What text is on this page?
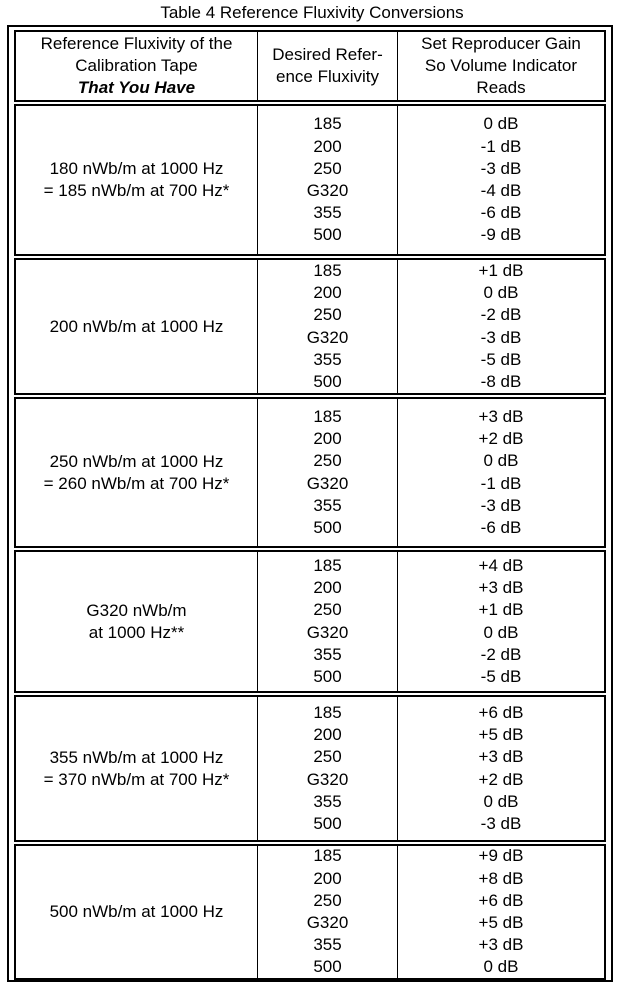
Table 4 Reference Fluxivity Conversions
Reference Fluxivity of the
Calibration Tape
That You Have
Desired Refer-
ence Fluxivity
Set Reproducer Gain
So Volume Indicator
Reads
180 nWb/m at 1000 Hz
= 185 nWb/m at 700 Hz*
185
200
250
G320
355
500
0 dB
-1 dB
-3 dB
-4 dB
-6 dB
-9 dB
200 nWb/m at 1000 Hz
185
200
250
G320
355
500
+1 dB
0 dB
-2 dB
-3 dB
-5 dB
-8 dB
250 nWb/m at 1000 Hz
= 260 nWb/m at 700 Hz*
185
200
250
G320
355
500
+3 dB
+2 dB
0 dB
-1 dB
-3 dB
-6 dB
G320 nWb/m
at 1000 Hz**
185
200
250
G320
355
500
+4 dB
+3 dB
+1 dB
0 dB
-2 dB
-5 dB
355 nWb/m at 1000 Hz
= 370 nWb/m at 700 Hz*
185
200
250
G320
355
500
+6 dB
+5 dB
+3 dB
+2 dB
0 dB
-3 dB
500 nWb/m at 1000 Hz
185
200
250
G320
355
500
+9 dB
+8 dB
+6 dB
+5 dB
+3 dB
0 dB
